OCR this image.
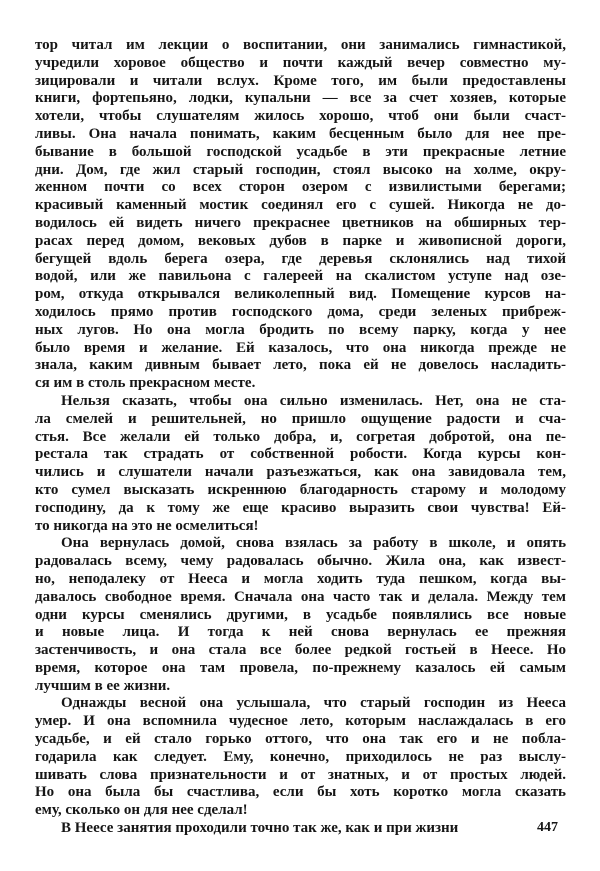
тор читал им лекции о воспитании, они занимались гимнастикой,
учредили хоровое общество и почти каждый вечер совместно му-
зицировали и читали вслух. Кроме того, им были предоставлены
книги, фортепьяно, лодки, купальни — все за счет хозяев, которые
хотели, чтобы слушателям жилось хорошо, чтоб они были счаст-
ливы. Она начала понимать, каким бесценным было для нее пре-
бывание в большой господской усадьбе в эти прекрасные летние
дни. Дом, где жил старый господин, стоял высоко на холме, окру-
женном почти со всех сторон озером с извилистыми берегами;
красивый каменный мостик соединял его с сушей. Никогда не до-
водилось ей видеть ничего прекраснее цветников на обширных тер-
расах перед домом, вековых дубов в парке и живописной дороги,
бегущей вдоль берега озера, где деревья склонялись над тихой
водой, или же павильона с галереей на скалистом уступе над озе-
ром, откуда открывался великолепный вид. Помещение курсов на-
ходилось прямо против господского дома, среди зеленых прибреж-
ных лугов. Но она могла бродить по всему парку, когда у нее
было время и желание. Ей казалось, что она никогда прежде не
знала, каким дивным бывает лето, пока ей не довелось насладить-
ся им в столь прекрасном месте.
Нельзя сказать, чтобы она сильно изменилась. Нет, она не ста-
ла смелей и решительней, но пришло ощущение радости и сча-
стья. Все желали ей только добра, и, согретая добротой, она пе-
рестала так страдать от собственной робости. Когда курсы кон-
чились и слушатели начали разъезжаться, как она завидовала тем,
кто сумел высказать искреннюю благодарность старому и молодому
господину, да к тому же еще красиво выразить свои чувства! Ей-
то никогда на это не осмелиться!
Она вернулась домой, снова взялась за работу в школе, и опять
радовалась всему, чему радовалась обычно. Жила она, как извест-
но, неподалеку от Нееса и могла ходить туда пешком, когда вы-
давалось свободное время. Сначала она часто так и делала. Между тем
одни курсы сменялись другими, в усадьбе появлялись все новые
и новые лица. И тогда к ней снова вернулась ее прежняя
застенчивость, и она стала все более редкой гостьей в Неесе. Но
время, которое она там провела, по-прежнему казалось ей самым
лучшим в ее жизни.
Однажды весной она услышала, что старый господин из Нееса
умер. И она вспомнила чудесное лето, которым наслаждалась в его
усадьбе, и ей стало горько оттого, что она так его и не побла-
годарила как следует. Ему, конечно, приходилось не раз выслу-
шивать слова признательности и от знатных, и от простых людей.
Но она была бы счастлива, если бы хоть коротко могла сказать
ему, сколько он для нее сделал!
В Неесе занятия проходили точно так же, как и при жизни	447
